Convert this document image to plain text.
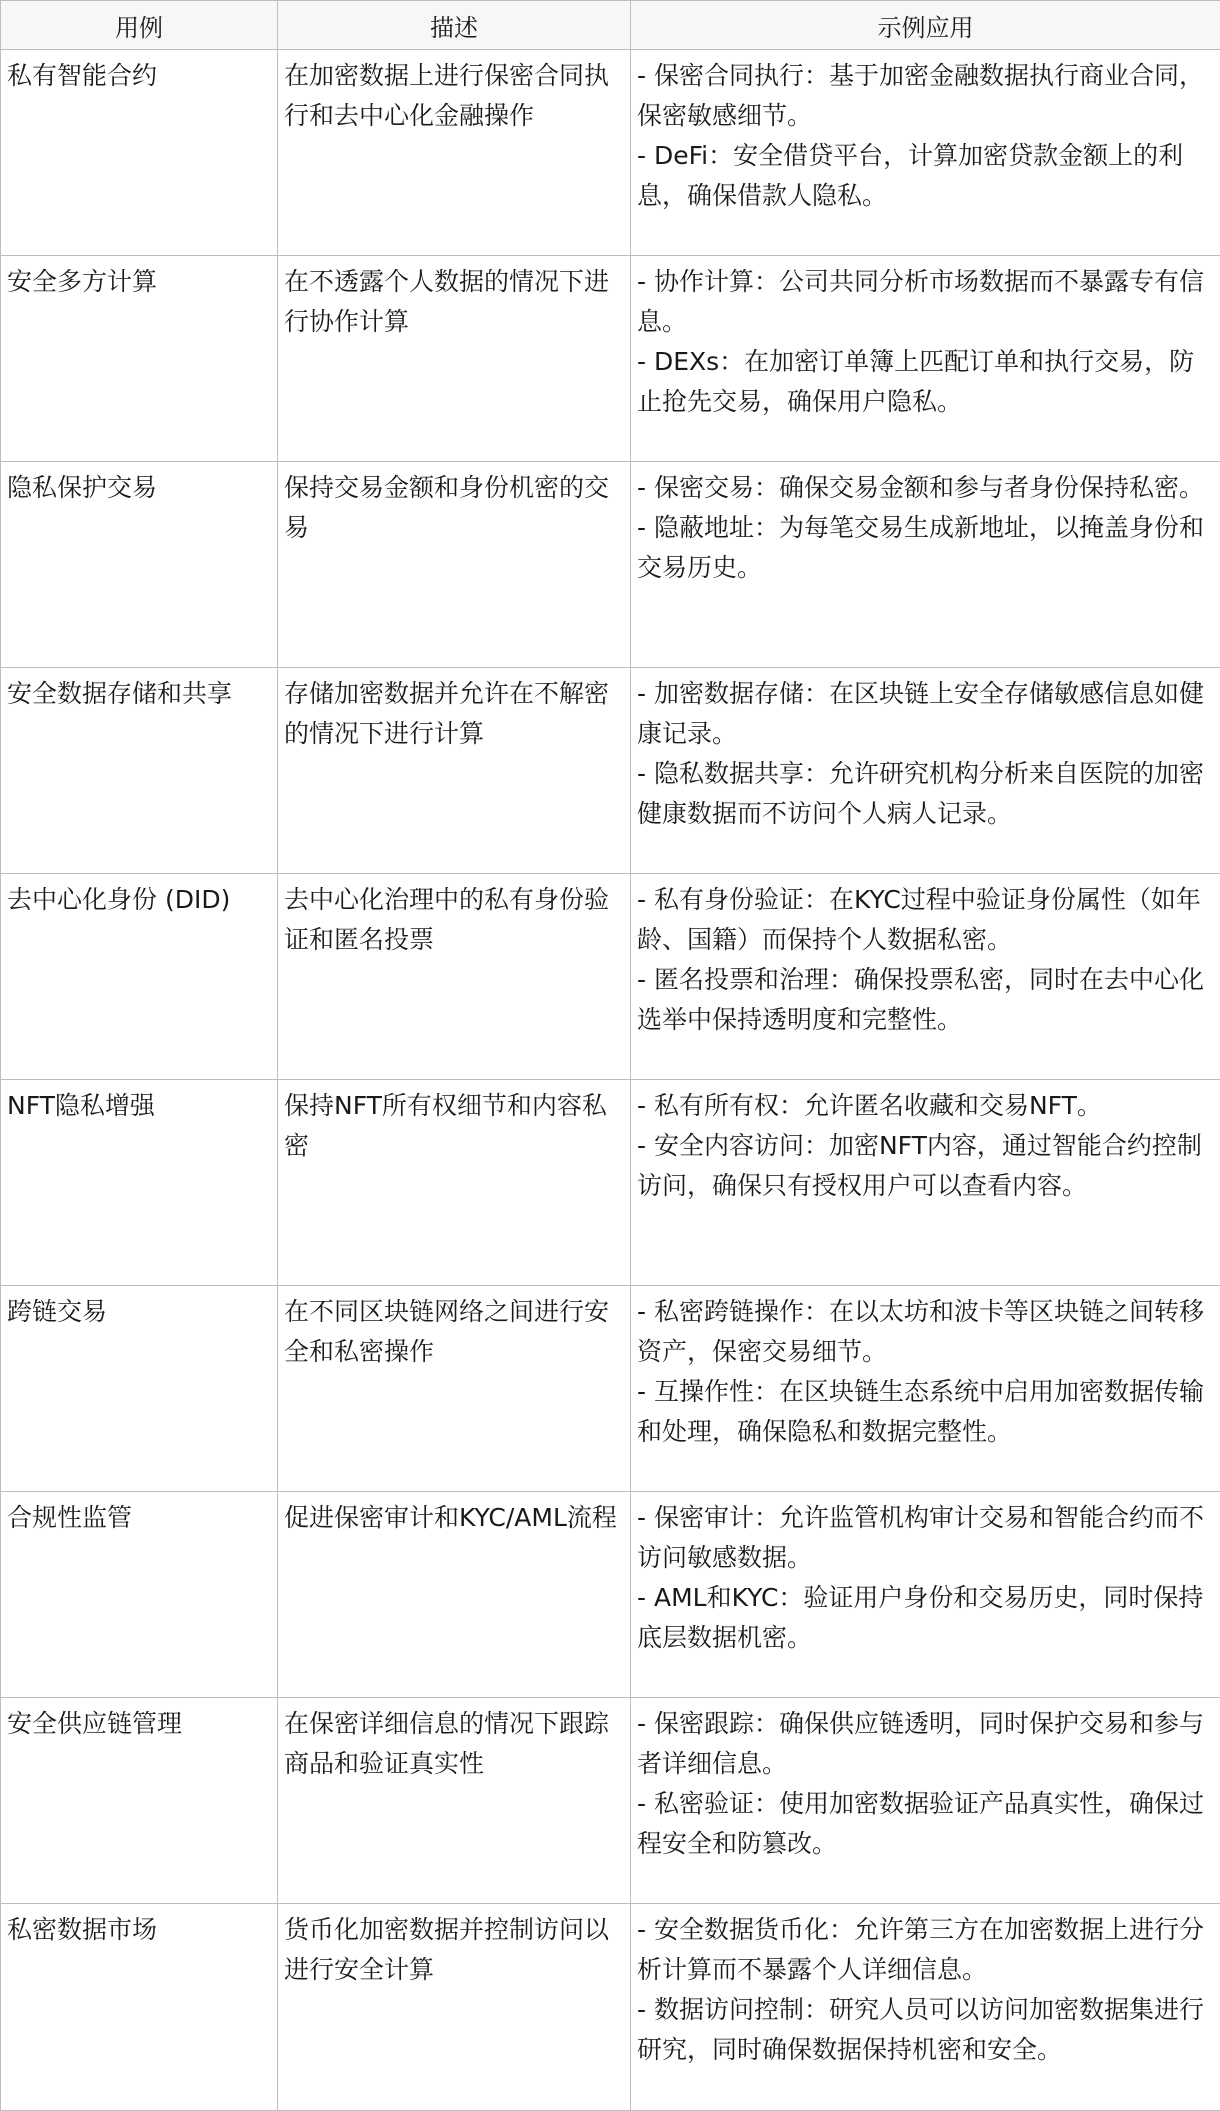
用例	描述	示例应用
私有智能合约	在加密数据上进行保密合同执行和去中心化金融操作	- 保密合同执行：基于加密金融数据执行商业合同，保密敏感细节。
- DeFi：安全借贷平台，计算加密贷款金额上的利息，确保借款人隐私。

安全多方计算	在不透露个人数据的情况下进行协作计算	- 协作计算：公司共同分析市场数据而不暴露专有信息。
- DEXs：在加密订单簿上匹配订单和执行交易，防止抢先交易，确保用户隐私。

隐私保护交易	保持交易金额和身份机密的交易	- 保密交易：确保交易金额和参与者身份保持私密。
- 隐蔽地址：为每笔交易生成新地址，以掩盖身份和交易历史。

安全数据存储和共享	存储加密数据并允许在不解密的情况下进行计算	- 加密数据存储：在区块链上安全存储敏感信息如健康记录。
- 隐私数据共享：允许研究机构分析来自医院的加密健康数据而不访问个人病人记录。

去中心化身份 (DID)	去中心化治理中的私有身份验证和匿名投票	- 私有身份验证：在KYC过程中验证身份属性（如年龄、国籍）而保持个人数据私密。
- 匿名投票和治理：确保投票私密，同时在去中心化选举中保持透明度和完整性。

NFT隐私增强	保持NFT所有权细节和内容私密	- 私有所有权：允许匿名收藏和交易NFT。
- 安全内容访问：加密NFT内容，通过智能合约控制访问，确保只有授权用户可以查看内容。

跨链交易	在不同区块链网络之间进行安全和私密操作	- 私密跨链操作：在以太坊和波卡等区块链之间转移资产，保密交易细节。
- 互操作性：在区块链生态系统中启用加密数据传输和处理，确保隐私和数据完整性。

合规性监管	促进保密审计和KYC/AML流程	- 保密审计：允许监管机构审计交易和智能合约而不访问敏感数据。
- AML和KYC：验证用户身份和交易历史，同时保持底层数据机密。

安全供应链管理	在保密详细信息的情况下跟踪商品和验证真实性	- 保密跟踪：确保供应链透明，同时保护交易和参与者详细信息。
- 私密验证：使用加密数据验证产品真实性，确保过程安全和防篡改。

私密数据市场	货币化加密数据并控制访问以进行安全计算	- 安全数据货币化：允许第三方在加密数据上进行分析计算而不暴露个人详细信息。
- 数据访问控制：研究人员可以访问加密数据集进行研究，同时确保数据保持机密和安全。
